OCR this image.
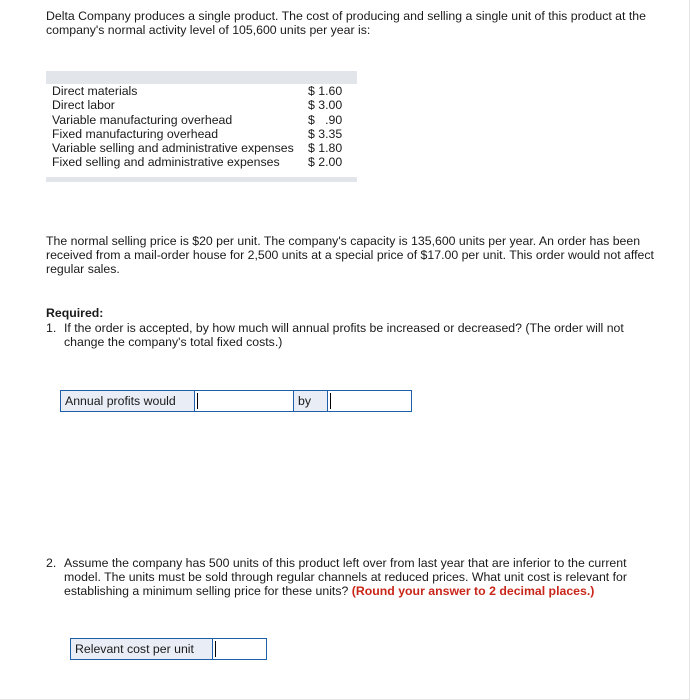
Delta Company produces a single product. The cost of producing and selling a single unit of this product at the company's normal activity level of 105,600 units per year is:
Direct materials	$ 1.60
Direct labor	$ 3.00
Variable manufacturing overhead	$   .90
Fixed manufacturing overhead	$ 3.35
Variable selling and administrative expenses $ 1.80
Fixed selling and administrative expenses $ 2.00
The normal selling price is $20 per unit. The company's capacity is 135,600 units per year. An order has been received from a mail-order house for 2,500 units at a special price of $17.00 per unit. This order would not affect regular sales.
Required:
1. If the order is accepted, by how much will annual profits be increased or decreased? (The order will not change the company's total fixed costs.)
Annual profits would	by
2. Assume the company has 500 units of this product left over from last year that are inferior to the current model. The units must be sold through regular channels at reduced prices. What unit cost is relevant for establishing a minimum selling price for these units? (Round your answer to 2 decimal places.)
Relevant cost per unit
